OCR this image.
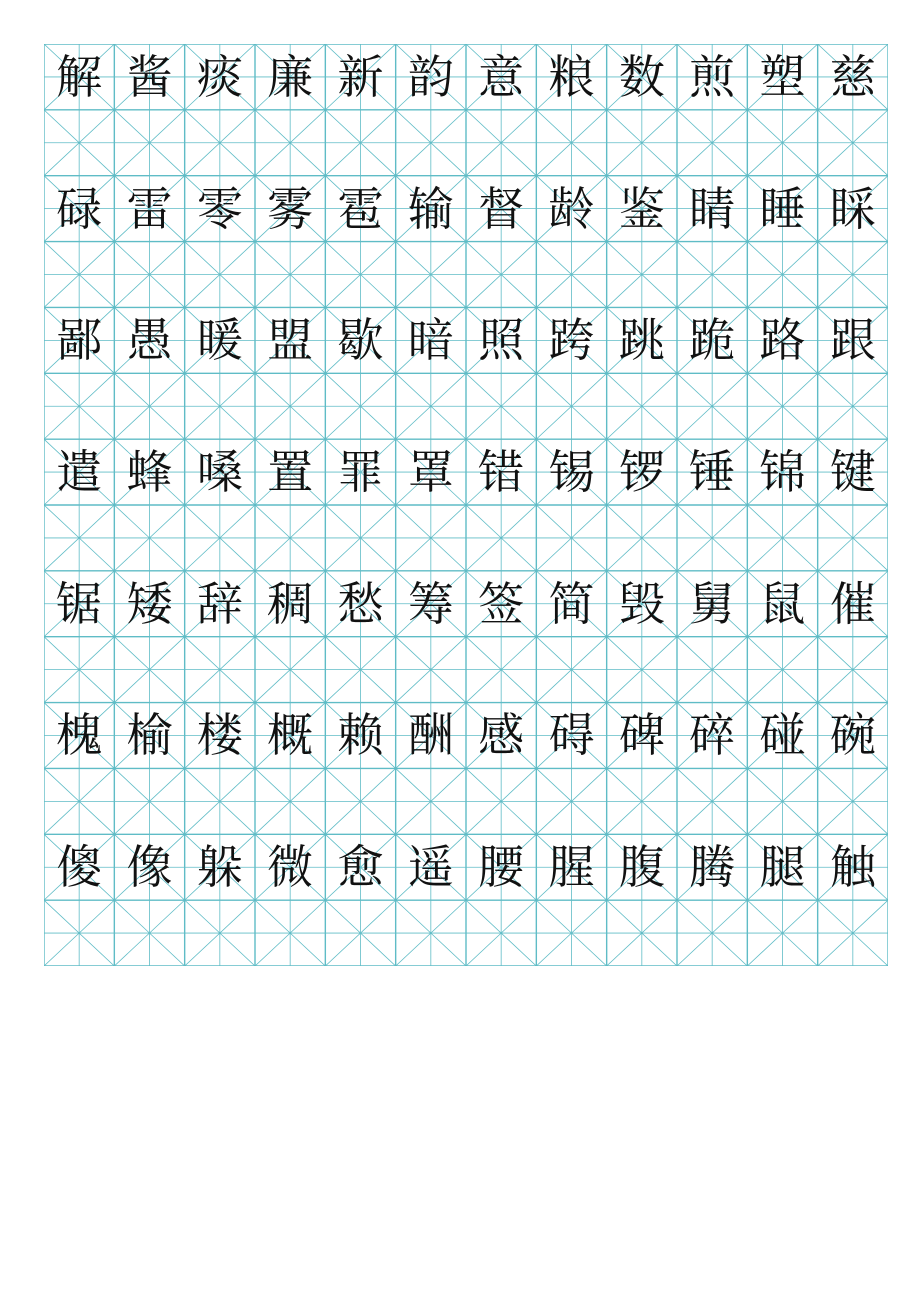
解 酱 痰 廉 新 韵 意 粮 数 煎 塑 慈
碌 雷 零 雾 雹 输 督 龄 鉴 睛 睡 睬
鄙 愚 暖 盟 歇 暗 照 跨 跳 跪 路 跟
遣 蜂 嗓 置 罪 罩 错 锡 锣 锤 锦 键
锯 矮 辞 稠 愁 筹 签 简 毁 舅 鼠 催
槐 榆 楼 概 赖 酬 感 碍 碑 碎 碰 碗
傻 像 躲 微 愈 遥 腰 腥 腹 腾 腿 触
